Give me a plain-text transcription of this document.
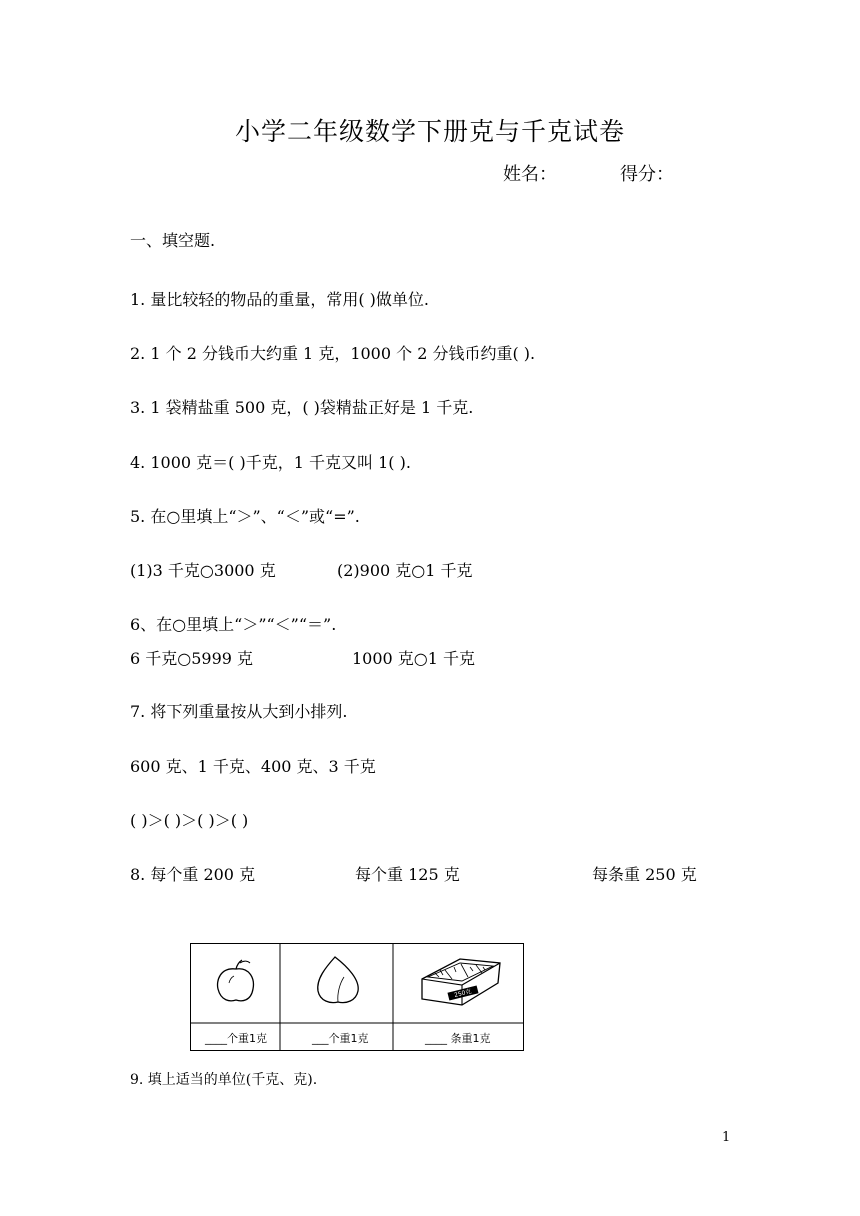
小学二年级数学下册克与千克试卷
姓名：	得分：
一、填空题.
1. 量比较轻的物品的重量，常用( )做单位.
2. 1 个 2 分钱币大约重 1 克，1000 个 2 分钱币约重( ).
3. 1 袋精盐重 500 克，( )袋精盐正好是 1 千克.
4. 1000 克＝( )千克，1 千克又叫 1( ).
5. 在○里填上“＞”、“＜”或“=”.
(1)3 千克○3000 克	(2)900 克○1 千克
6、在○里填上“＞”“＜”“＝”.
6 千克○5999 克	1000 克○1 千克
7. 将下列重量按从大到小排列.
600 克、1 千克、400 克、3 千克
( )＞( )＞( )＞( )
8. 每个重 200 克	每个重 125 克	每条重 250 克
250克
____个重1克	___个重1克	____ 条重1克
9. 填上适当的单位(千克、克).
1
